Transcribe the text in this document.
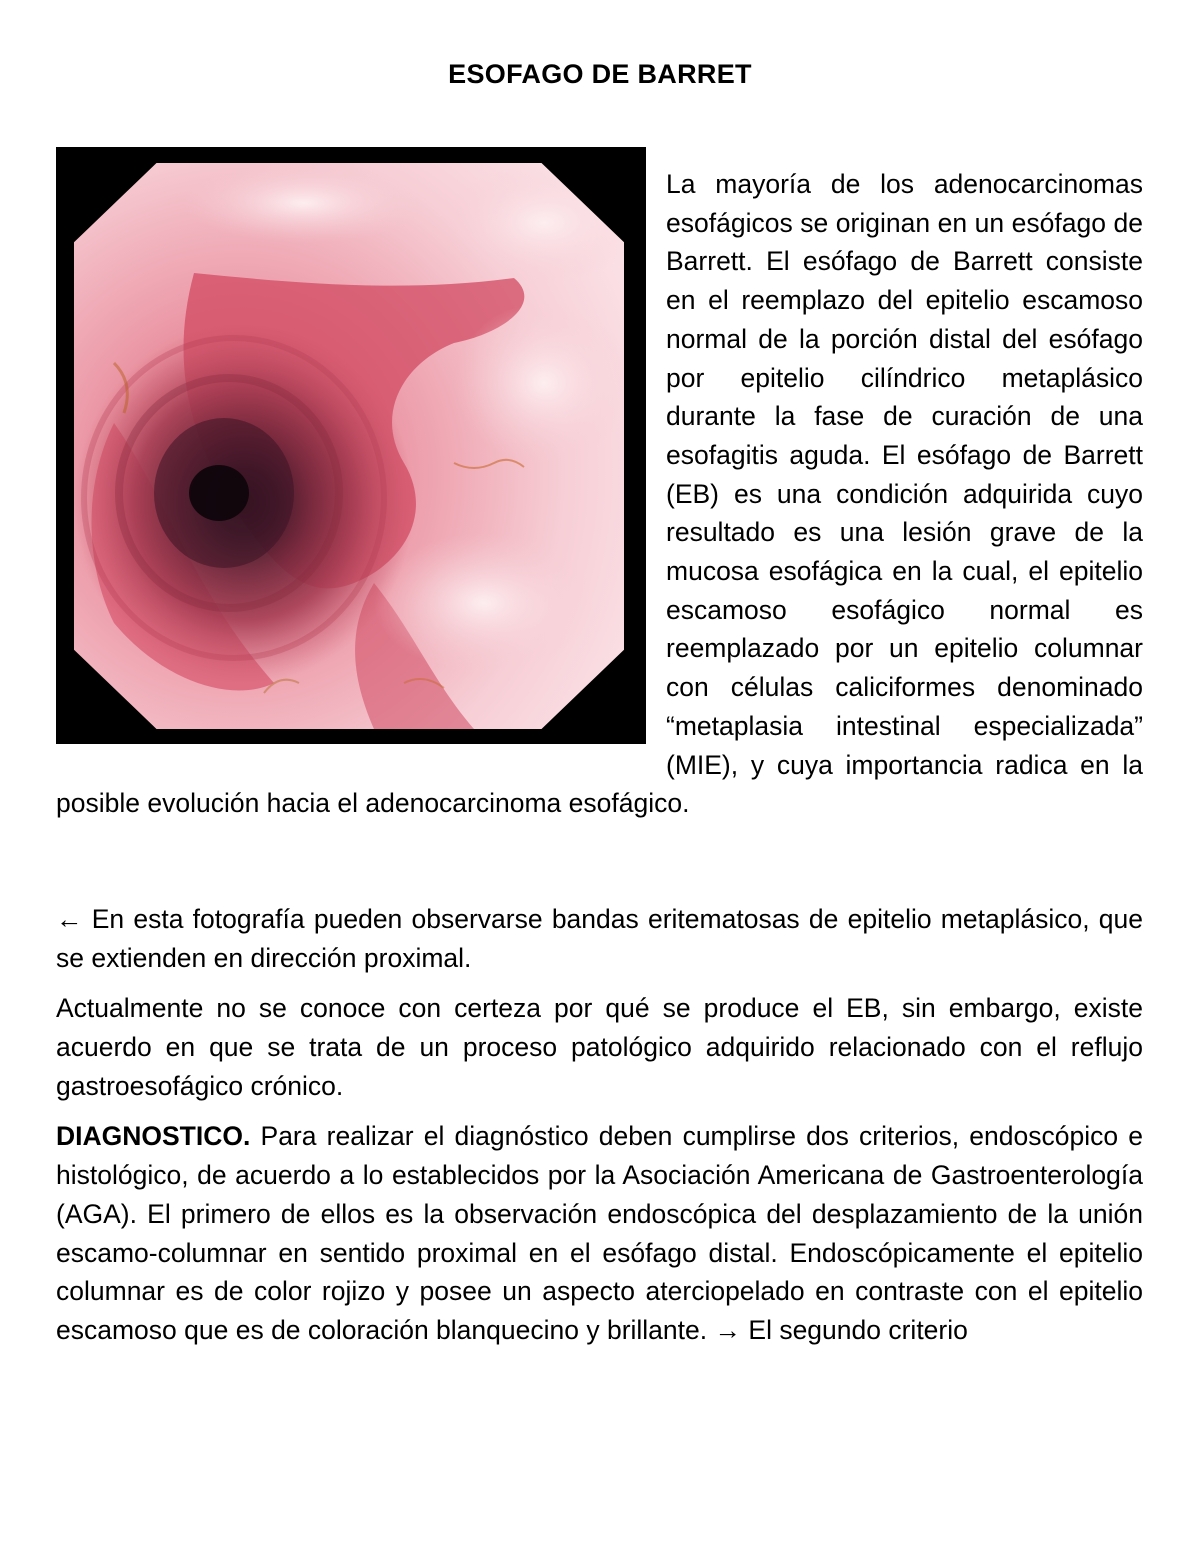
ESOFAGO DE BARRET

La mayoría de los adenocarcinomas esofágicos se originan en un esófago de Barrett. El esófago de Barrett consiste en el reemplazo del epitelio escamoso normal de la porción distal del esófago por epitelio cilíndrico metaplásico durante la fase de curación de una esofagitis aguda. El esófago de Barrett (EB) es una condición adquirida cuyo resultado es una lesión grave de la mucosa esofágica en la cual, el epitelio escamoso esofágico normal es reemplazado por un epitelio columnar con células caliciformes denominado “metaplasia intestinal especializada” (MIE), y cuya importancia radica en la posible evolución hacia el adenocarcinoma esofágico.

← En esta fotografía pueden observarse bandas eritematosas de epitelio metaplásico, que se extienden en dirección proximal.

Actualmente no se conoce con certeza por qué se produce el EB, sin embargo, existe acuerdo en que se trata de un proceso patológico adquirido relacionado con el reflujo gastroesofágico crónico.

DIAGNOSTICO. Para realizar el diagnóstico deben cumplirse dos criterios, endoscópico e histológico, de acuerdo a lo establecidos por la Asociación Americana de Gastroenterología (AGA). El primero de ellos es la observación endoscópica del desplazamiento de la unión escamo-columnar en sentido proximal en el esófago distal. Endoscópicamente el epitelio columnar es de color rojizo y posee un aspecto aterciopelado en contraste con el epitelio escamoso que es de coloración blanquecino y brillante. → El segundo criterio
